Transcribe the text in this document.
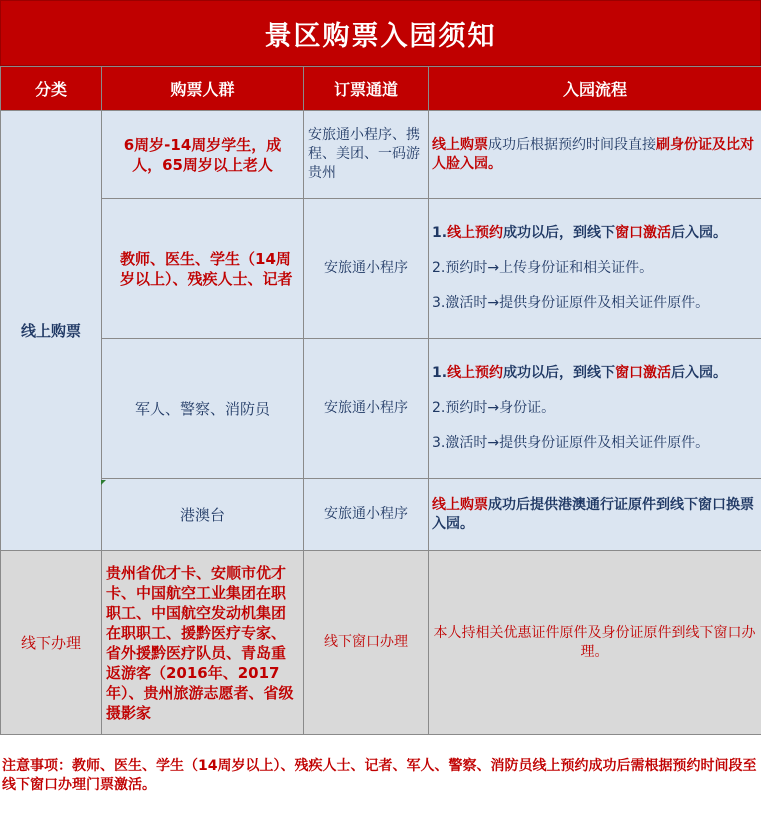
景区购票入园须知
分类	购票人群	订票通道	入园流程
线上购票	6周岁-14周岁学生，成人，65周岁以上老人	安旅通小程序、携程、美团、一码游贵州	线上购票成功后根据预约时间段直接刷身份证及比对人脸入园。
	教师、医生、学生（14周岁以上）、残疾人士、记者	安旅通小程序	1.线上预约成功以后，到线下窗口激活后入园。

2.预约时→上传身份证和相关证件。

3.激活时→提供身份证原件及相关证件原件。

	军人、警察、消防员	安旅通小程序	1.线上预约成功以后，到线下窗口激活后入园。

2.预约时→身份证。

3.激活时→提供身份证原件及相关证件原件。

	港澳台	安旅通小程序	线上购票成功后提供港澳通行证原件到线下窗口换票入园。
线下办理	贵州省优才卡、安顺市优才卡、中国航空工业集团在职职工、中国航空发动机集团在职职工、援黔医疗专家、省外援黔医疗队员、青岛重返游客（2016年、2017年）、贵州旅游志愿者、省级摄影家	线下窗口办理	本人持相关优惠证件原件及身份证原件到线下窗口办理。
注意事项：教师、医生、学生（14周岁以上）、残疾人士、记者、军人、警察、消防员线上预约成功后需根据预约时间段至线下窗口办理门票激活。
